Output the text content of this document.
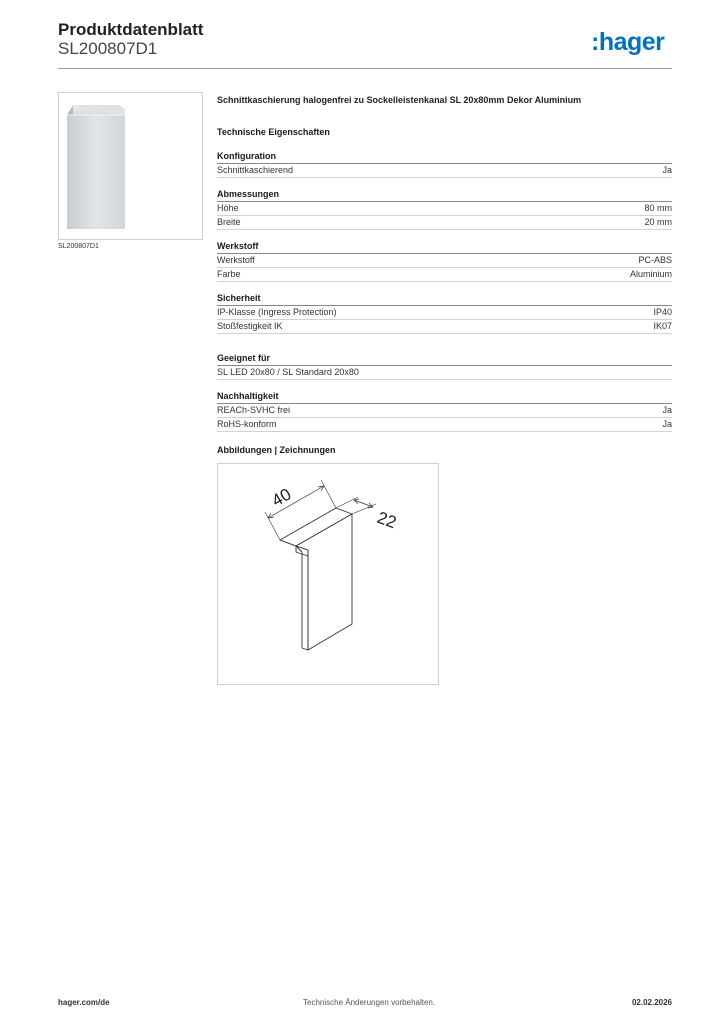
Produktdatenblatt
SL200807D1	:hager
SL200807D1
Schnittkaschierung halogenfrei zu Sockelleistenkanal SL 20x80mm Dekor Aluminium
Technische Eigenschaften
Konfiguration
Schnittkaschierend	Ja
Abmessungen
Höhe	80 mm
Breite	20 mm
Werkstoff
Werkstoff	PC-ABS
Farbe	Aluminium
Sicherheit
IP-Klasse (Ingress Protection)	IP40
Stoßfestigkeit IK	IK07
Geeignet für
SL LED 20x80 / SL Standard 20x80
Nachhaltigkeit
REACh-SVHC frei	Ja
RoHS-konform	Ja
Abbildungen | Zeichnungen
40
22
hager.com/de	Technische Änderungen vorbehalten.	02.02.2026
